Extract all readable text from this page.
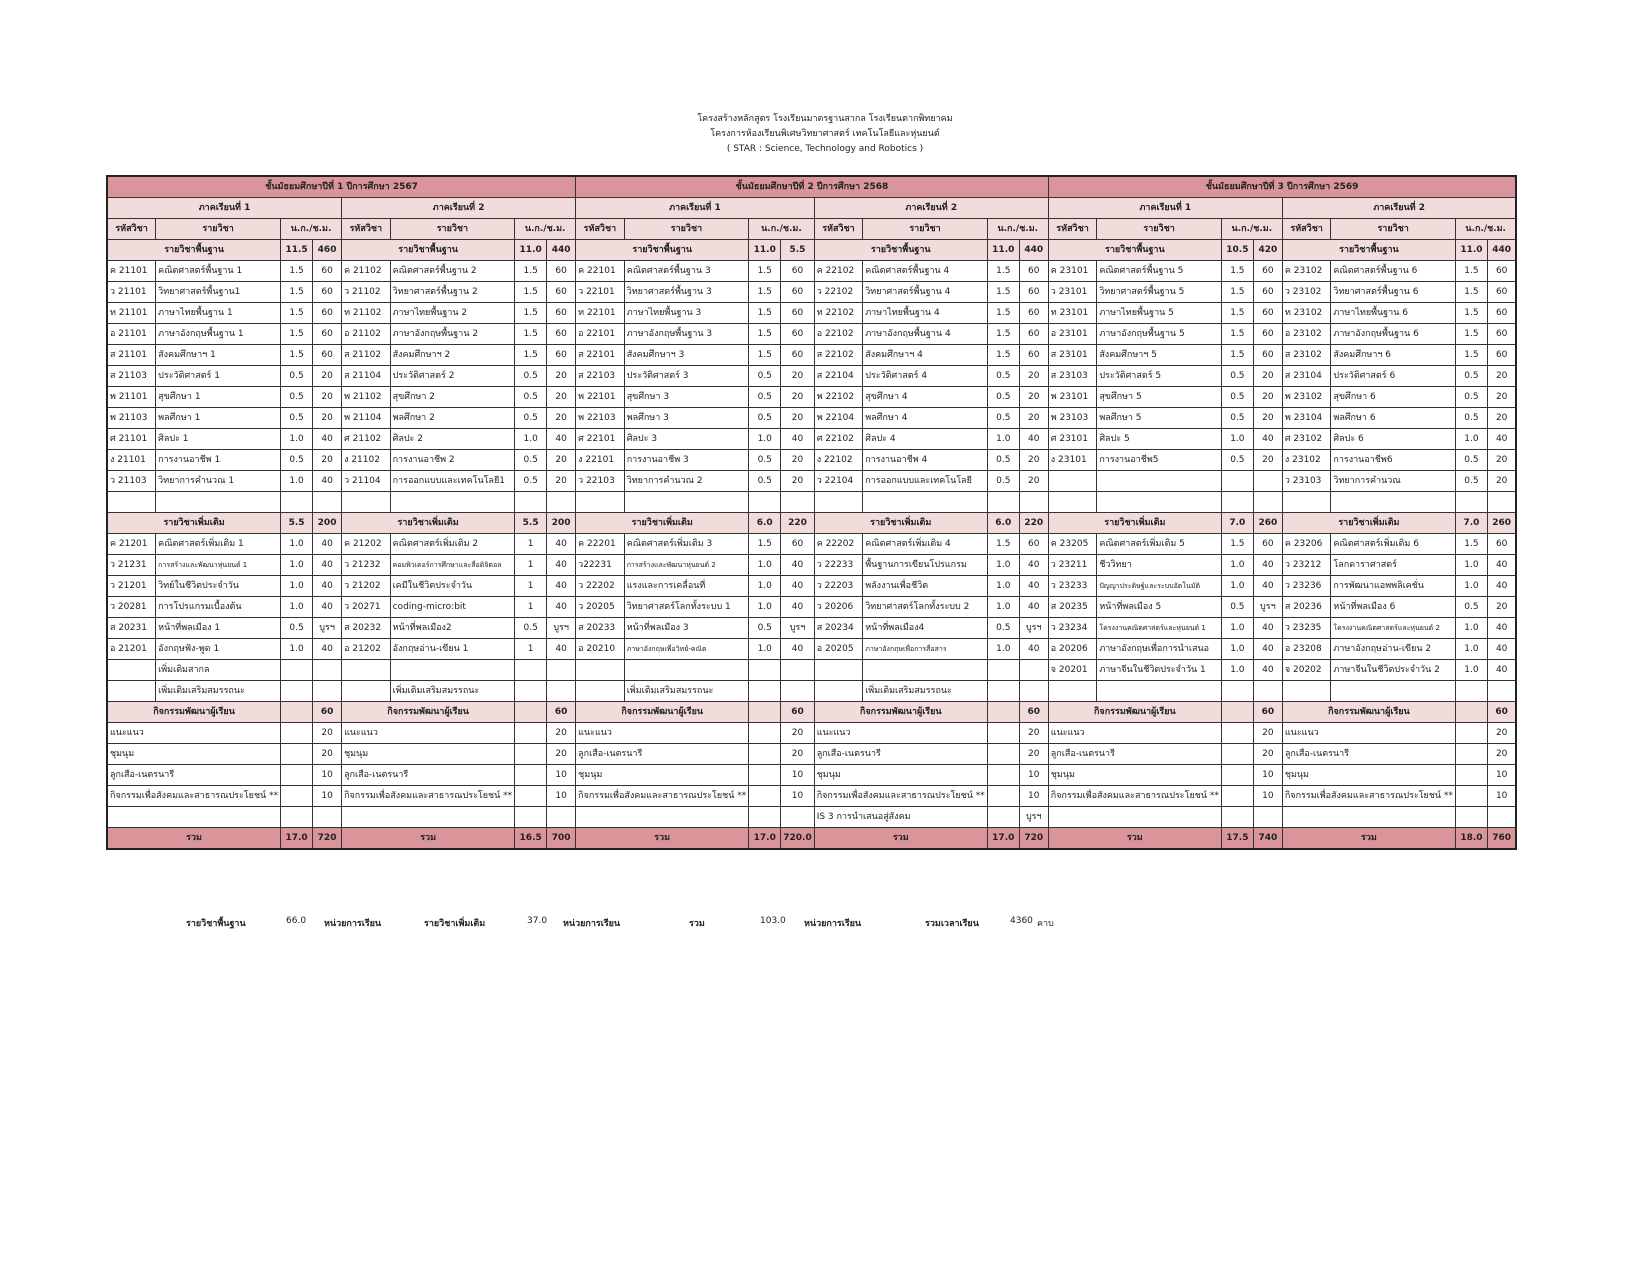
โครงสร้างหลักสูตร โรงเรียนมาตรฐานสากล โรงเรียนตากพิทยาคม
โครงการห้องเรียนพิเศษวิทยาศาสตร์ เทคโนโลยีและหุ่นยนต์
( STAR : Science, Technology and Robotics )
ชั้นมัธยมศึกษาปีที่ 1 ปีการศึกษา 2567								ชั้นมัธยมศึกษาปีที่ 2 ปีการศึกษา 2568								ชั้นมัธยมศึกษาปีที่ 3 ปีการศึกษา 2569							
ภาคเรียนที่ 1				ภาคเรียนที่ 2				ภาคเรียนที่ 1				ภาคเรียนที่ 2				ภาคเรียนที่ 1				ภาคเรียนที่ 2			
รหัสวิชา	รายวิชา	น.ก./ช.ม.		รหัสวิชา	รายวิชา	น.ก./ช.ม.		รหัสวิชา	รายวิชา	น.ก./ช.ม.		รหัสวิชา	รายวิชา	น.ก./ช.ม.		รหัสวิชา	รายวิชา	น.ก./ช.ม.		รหัสวิชา	รายวิชา	น.ก./ช.ม.	
รายวิชาพื้นฐาน		11.5	460	รายวิชาพื้นฐาน		11.0	440	รายวิชาพื้นฐาน		11.0	5.5	รายวิชาพื้นฐาน		11.0	440	รายวิชาพื้นฐาน		10.5	420	รายวิชาพื้นฐาน		11.0	440
ค 21101	คณิตศาสตร์พื้นฐาน 1	1.5	60	ค 21102	คณิตศาสตร์พื้นฐาน 2	1.5	60	ค 22101	คณิตศาสตร์พื้นฐาน 3	1.5	60	ค 22102	คณิตศาสตร์พื้นฐาน 4	1.5	60	ค 23101	คณิตศาสตร์พื้นฐาน 5	1.5	60	ค 23102	คณิตศาสตร์พื้นฐาน 6	1.5	60
ว 21101	วิทยาศาสตร์พื้นฐาน1	1.5	60	ว 21102	วิทยาศาสตร์พื้นฐาน 2	1.5	60	ว 22101	วิทยาศาสตร์พื้นฐาน 3	1.5	60	ว 22102	วิทยาศาสตร์พื้นฐาน 4	1.5	60	ว 23101	วิทยาศาสตร์พื้นฐาน 5	1.5	60	ว 23102	วิทยาศาสตร์พื้นฐาน 6	1.5	60
ท 21101	ภาษาไทยพื้นฐาน 1	1.5	60	ท 21102	ภาษาไทยพื้นฐาน 2	1.5	60	ท 22101	ภาษาไทยพื้นฐาน 3	1.5	60	ท 22102	ภาษาไทยพื้นฐาน 4	1.5	60	ท 23101	ภาษาไทยพื้นฐาน 5	1.5	60	ท 23102	ภาษาไทยพื้นฐาน 6	1.5	60
อ 21101	ภาษาอังกฤษพื้นฐาน 1	1.5	60	อ 21102	ภาษาอังกฤษพื้นฐาน 2	1.5	60	อ 22101	ภาษาอังกฤษพื้นฐาน 3	1.5	60	อ 22102	ภาษาอังกฤษพื้นฐาน 4	1.5	60	อ 23101	ภาษาอังกฤษพื้นฐาน 5	1.5	60	อ 23102	ภาษาอังกฤษพื้นฐาน 6	1.5	60
ส 21101	สังคมศึกษาฯ 1	1.5	60	ส 21102	สังคมศึกษาฯ 2	1.5	60	ส 22101	สังคมศึกษาฯ 3	1.5	60	ส 22102	สังคมศึกษาฯ 4	1.5	60	ส 23101	สังคมศึกษาฯ 5	1.5	60	ส 23102	สังคมศึกษาฯ 6	1.5	60
ส 21103	ประวัติศาสตร์ 1	0.5	20	ส 21104	ประวัติศาสตร์ 2	0.5	20	ส 22103	ประวัติศาสตร์ 3	0.5	20	ส 22104	ประวัติศาสตร์ 4	0.5	20	ส 23103	ประวัติศาสตร์ 5	0.5	20	ส 23104	ประวัติศาสตร์ 6	0.5	20
พ 21101	สุขศึกษา 1	0.5	20	พ 21102	สุขศึกษา 2	0.5	20	พ 22101	สุขศึกษา 3	0.5	20	พ 22102	สุขศึกษา 4	0.5	20	พ 23101	สุขศึกษา 5	0.5	20	พ 23102	สุขศึกษา 6	0.5	20
พ 21103	พลศึกษา 1	0.5	20	พ 21104	พลศึกษา 2	0.5	20	พ 22103	พลศึกษา 3	0.5	20	พ 22104	พลศึกษา 4	0.5	20	พ 23103	พลศึกษา 5	0.5	20	พ 23104	พลศึกษา 6	0.5	20
ศ 21101	ศิลปะ 1	1.0	40	ศ 21102	ศิลปะ 2	1.0	40	ศ 22101	ศิลปะ 3	1.0	40	ศ 22102	ศิลปะ 4	1.0	40	ศ 23101	ศิลปะ 5	1.0	40	ศ 23102	ศิลปะ 6	1.0	40
ง 21101	การงานอาชีพ 1	0.5	20	ง 21102	การงานอาชีพ 2	0.5	20	ง 22101	การงานอาชีพ 3	0.5	20	ง 22102	การงานอาชีพ 4	0.5	20	ง 23101	การงานอาชีพ5	0.5	20	ง 23102	การงานอาชีพ6	0.5	20
ว 21103	วิทยาการคำนวณ 1	1.0	40	ว 21104	การออกแบบและเทคโนโลยี1	0.5	20	ว 22103	วิทยาการคำนวณ 2	0.5	20	ว 22104	การออกแบบและเทคโนโลยี	0.5	20					ว 23103	วิทยาการคำนวณ	0.5	20

รายวิชาเพิ่มเติม		5.5	200	รายวิชาเพิ่มเติม		5.5	200	รายวิชาเพิ่มเติม		6.0	220	รายวิชาเพิ่มเติม		6.0	220	รายวิชาเพิ่มเติม		7.0	260	รายวิชาเพิ่มเติม		7.0	260
ค 21201	คณิตศาสตร์เพิ่มเติม 1	1.0	40	ค 21202	คณิตศาสตร์เพิ่มเติม 2	1	40	ค 22201	คณิตศาสตร์เพิ่มเติม 3	1.5	60	ค 22202	คณิตศาสตร์เพิ่มเติม 4	1.5	60	ค 23205	คณิตศาสตร์เพิ่มเติม 5	1.5	60	ค 23206	คณิตศาสตร์เพิ่มเติม 6	1.5	60
ว 21231	การสร้างและพัฒนาหุ่นยนต์ 1	1.0	40	ว 21232	คอมพิวเตอร์การศึกษาและสื่อดิจิตอล	1	40	ว22231	การสร้างและพัฒนาหุ่นยนต์ 2	1.0	40	ว 22233	พื้นฐานการเขียนโปรแกรม	1.0	40	ว 23211	ชีววิทยา	1.0	40	ว 23212	โลกดาราศาสตร์	1.0	40
ว 21201	วิทย์ในชีวิตประจำวัน	1.0	40	ว 21202	เคมีในชีวิตประจำวัน	1	40	ว 22202	แรงและการเคลื่อนที่	1.0	40	ว 22203	พลังงานเพื่อชีวิต	1.0	40	ว 23233	ปัญญาประดิษฐ์และระบบอัตโนมัติ	1.0	40	ว 23236	การพัฒนาแอพพลิเคชั่น	1.0	40
ว 20281	การโปรแกรมเบื้องต้น	1.0	40	ว 20271	coding-micro:bit	1	40	ว 20205	วิทยาศาสตร์โลกทั้งระบบ 1	1.0	40	ว 20206	วิทยาศาสตร์โลกทั้งระบบ 2	1.0	40	ส 20235	หน้าที่พลเมือง 5	0.5	บูรฯ	ส 20236	หน้าที่พลเมือง 6	0.5	20
ส 20231	หน้าที่พลเมือง 1	0.5	บูรฯ	ส 20232	หน้าที่พลเมือง2	0.5	บูรฯ	ส 20233	หน้าที่พลเมือง 3	0.5	บูรฯ	ส 20234	หน้าที่พลเมือง4	0.5	บูรฯ	ว 23234	โครงงานคณิตศาสตร์และหุ่นยนต์ 1	1.0	40	ว 23235	โครงงานคณิตศาสตร์และหุ่นยนต์ 2	1.0	40
อ 21201	อังกฤษฟัง-พูด 1	1.0	40	อ 21202	อังกฤษอ่าน-เขียน 1	1	40	อ 20210	ภาษาอังกฤษเพื่อวิทย์-คณิต	1.0	40	อ 20205	ภาษาอังกฤษเพื่อการสื่อสาร	1.0	40	อ 20206	ภาษาอังกฤษเพื่อการนำเสนอ	1.0	40	อ 23208	ภาษาอังกฤษอ่าน-เขียน 2	1.0	40
	เพิ่มเติมสากล															จ 20201	ภาษาจีนในชีวิตประจำวัน 1	1.0	40	จ 20202	ภาษาจีนในชีวิตประจำวัน 2	1.0	40
	เพิ่มเติมเสริมสมรรถนะ				เพิ่มเติมเสริมสมรรถนะ				เพิ่มเติมเสริมสมรรถนะ				เพิ่มเติมเสริมสมรรถนะ										
กิจกรรมพัฒนาผู้เรียน			60	กิจกรรมพัฒนาผู้เรียน			60	กิจกรรมพัฒนาผู้เรียน			60	กิจกรรมพัฒนาผู้เรียน			60	กิจกรรมพัฒนาผู้เรียน			60	กิจกรรมพัฒนาผู้เรียน			60
แนะแนว			20	แนะแนว			20	แนะแนว			20	แนะแนว			20	แนะแนว			20	แนะแนว			20
ชุมนุม			20	ชุมนุม			20	ลูกเสือ-เนตรนารี			20	ลูกเสือ-เนตรนารี			20	ลูกเสือ-เนตรนารี			20	ลูกเสือ-เนตรนารี			20
ลูกเสือ-เนตรนารี			10	ลูกเสือ-เนตรนารี			10	ชุมนุม			10	ชุมนุม			10	ชุมนุม			10	ชุมนุม			10
กิจกรรมเพื่อสังคมและสาธารณประโยชน์ **			10	กิจกรรมเพื่อสังคมและสาธารณประโยชน์ **			10	กิจกรรมเพื่อสังคมและสาธารณประโยชน์ **			10	กิจกรรมเพื่อสังคมและสาธารณประโยชน์ **			10	กิจกรรมเพื่อสังคมและสาธารณประโยชน์ **			10	กิจกรรมเพื่อสังคมและสาธารณประโยชน์ **			10
												IS 3 การนำเสนอสู่สังคม			บูรฯ								
รวม		17.0	720	รวม		16.5	700	รวม		17.0	720.0	รวม		17.0	720	รวม		17.5	740	รวม		18.0	760
รายวิชาพื้นฐาน	66.0 หน่วยการเรียน	รายวิชาเพิ่มเติม	37.0 หน่วยการเรียน	รวม	103.0 หน่วยการเรียน	รวมเวลาเรียน	4360 คาบ
